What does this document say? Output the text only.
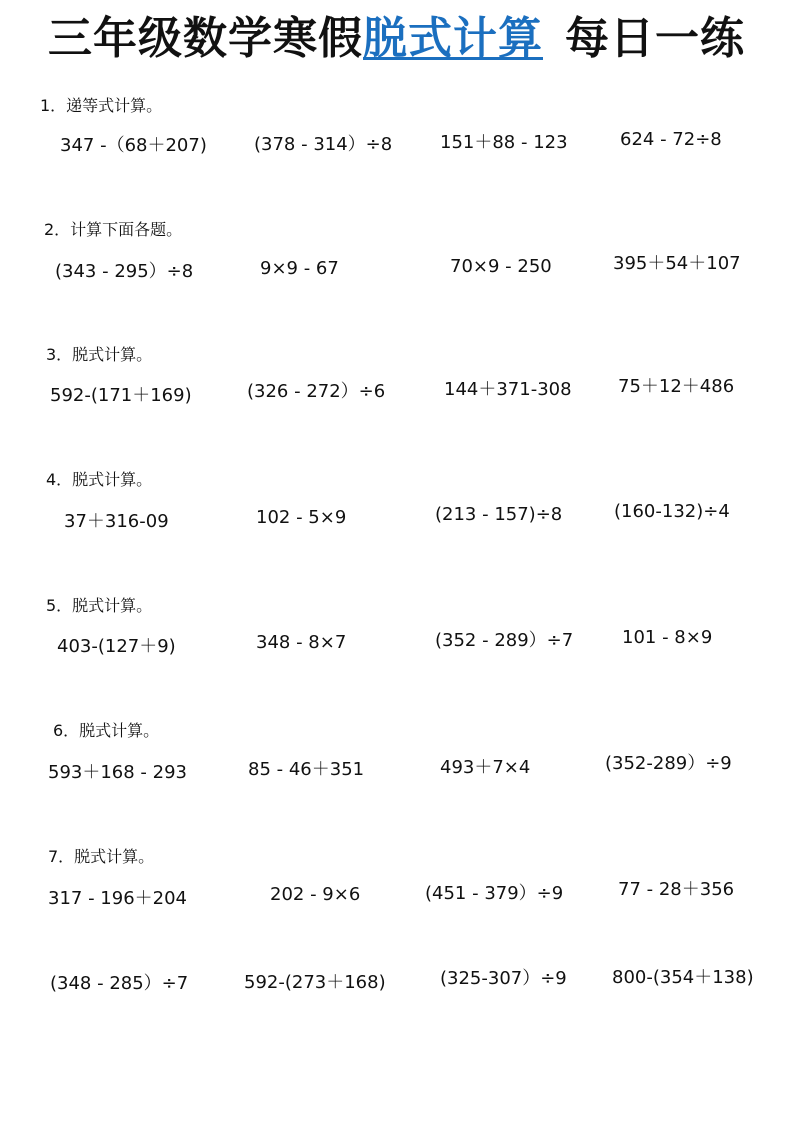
三年级数学寒假脱式计算 每日一练
1．递等式计算。
347 -（68＋207)	(378 - 314）÷8	151＋88 - 123	624 - 72÷8
2．计算下面各题。
(343 - 295）÷8	9×9 - 67	70×9 - 250	395＋54＋107
3．脱式计算。
592-(171＋169)	(326 - 272）÷6	144＋371-308	75＋12＋486
4．脱式计算。
37＋316-09	102 - 5×9	(213 - 157)÷8	(160-132)÷4
5．脱式计算。
403-(127＋9)	348 - 8×7	(352 - 289）÷7	101 - 8×9
6．脱式计算。
593＋168 - 293	85 - 46＋351	493＋7×4	(352-289）÷9
7．脱式计算。
317 - 196＋204	202 - 9×6	(451 - 379）÷9	77 - 28＋356
(348 - 285）÷7	592-(273＋168)	(325-307）÷9	800-(354＋138)
